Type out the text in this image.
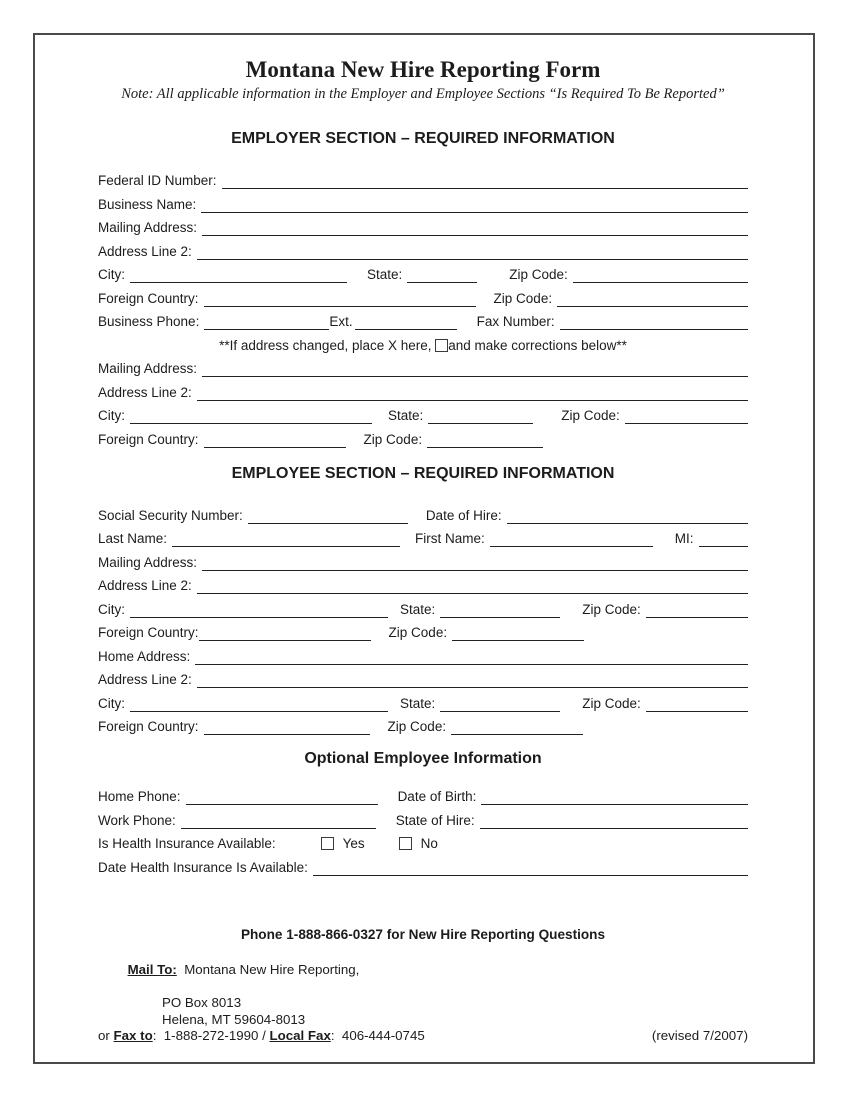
Montana New Hire Reporting Form
Note: All applicable information in the Employer and Employee Sections “Is Required To Be Reported”
EMPLOYER SECTION – REQUIRED INFORMATION
Federal ID Number:
Business Name:
Mailing Address:
Address Line 2:
City:	State:	Zip Code:
Foreign Country:	Zip Code:
Business Phone:	Ext.	Fax Number:
**If address changed, place X here, and make corrections below**
Mailing Address:
Address Line 2:
City:	State:	Zip Code:
Foreign Country:	Zip Code:
EMPLOYEE SECTION – REQUIRED INFORMATION
Social Security Number:	Date of Hire:
Last Name:	First Name:	MI:
Mailing Address:
Address Line 2:
City:	State:	Zip Code:
Foreign Country:	Zip Code:
Home Address:
Address Line 2:
City:	State:	Zip Code:
Foreign Country:	Zip Code:
Optional Employee Information
Home Phone:	Date of Birth:
Work Phone:	State of Hire:
Is Health Insurance Available:	Yes	No
Date Health Insurance Is Available:
Phone 1-888-866-0327 for New Hire Reporting Questions

Mail To:  Montana New Hire Reporting,

PO Box 8013
Helena, MT 59604-8013
or Fax to :  1-888-272-1990 / Local Fax :  406-444-0745	(revised 7/2007)
